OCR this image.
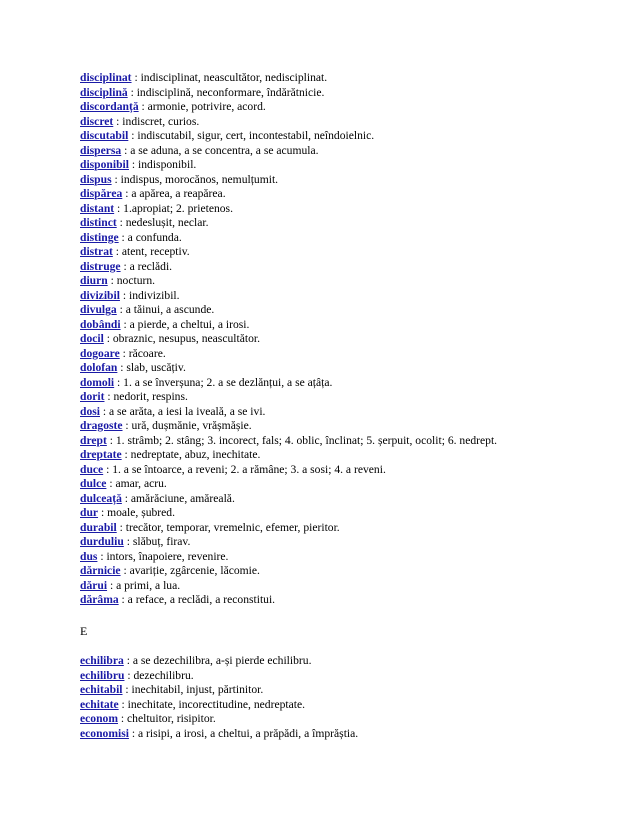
disciplinat : indisciplinat, neascultător, nedisciplinat.
disciplină : indisciplină, neconformare, îndărătnicie.
discordanță : armonie, potrivire, acord.
discret : indiscret, curios.
discutabil : indiscutabil, sigur, cert, incontestabil, neîndoielnic.
dispersa : a se aduna, a se concentra, a se acumula.
disponibil : indisponibil.
dispus : indispus, morocănos, nemulțumit.
dispărea : a apărea, a reapărea.
distant : 1.apropiat; 2. prietenos.
distinct : nedeslușit, neclar.
distinge : a confunda.
distrat : atent, receptiv.
distruge : a reclădi.
diurn : nocturn.
divizibil : indivizibil.
divulga : a tăinui, a ascunde.
dobândi : a pierde, a cheltui, a irosi.
docil : obraznic, nesupus, neascultător.
dogoare : răcoare.
dolofan : slab, uscățiv.
domoli : 1. a se înverșuna; 2. a se dezlănțui, a se ațâța.
dorit : nedorit, respins.
dosi : a se arăta, a iesi la iveală, a se ivi.
dragoste : ură, dușmănie, vrășmășie.
drept : 1. strâmb; 2. stâng; 3. incorect, fals; 4. oblic, înclinat; 5. șerpuit, ocolit; 6. nedrept.
dreptate : nedreptate, abuz, inechitate.
duce : 1. a se întoarce, a reveni; 2. a rămâne; 3. a sosi; 4. a reveni.
dulce : amar, acru.
dulceață : amărăciune, amăreală.
dur : moale, șubred.
durabil : trecător, temporar, vremelnic, efemer, pieritor.
durduliu : slăbuț, firav.
dus : intors, înapoiere, revenire.
dărnicie : avariție, zgârcenie, lăcomie.
dărui : a primi, a lua.
dărâma : a reface, a reclădi, a reconstitui.
E
echilibra : a se dezechilibra, a-și pierde echilibru.
echilibru : dezechilibru.
echitabil : inechitabil, injust, părtinitor.
echitate : inechitate, incorectitudine, nedreptate.
econom : cheltuitor, risipitor.
economisi : a risipi, a irosi, a cheltui, a prăpădi, a împrăștia.
